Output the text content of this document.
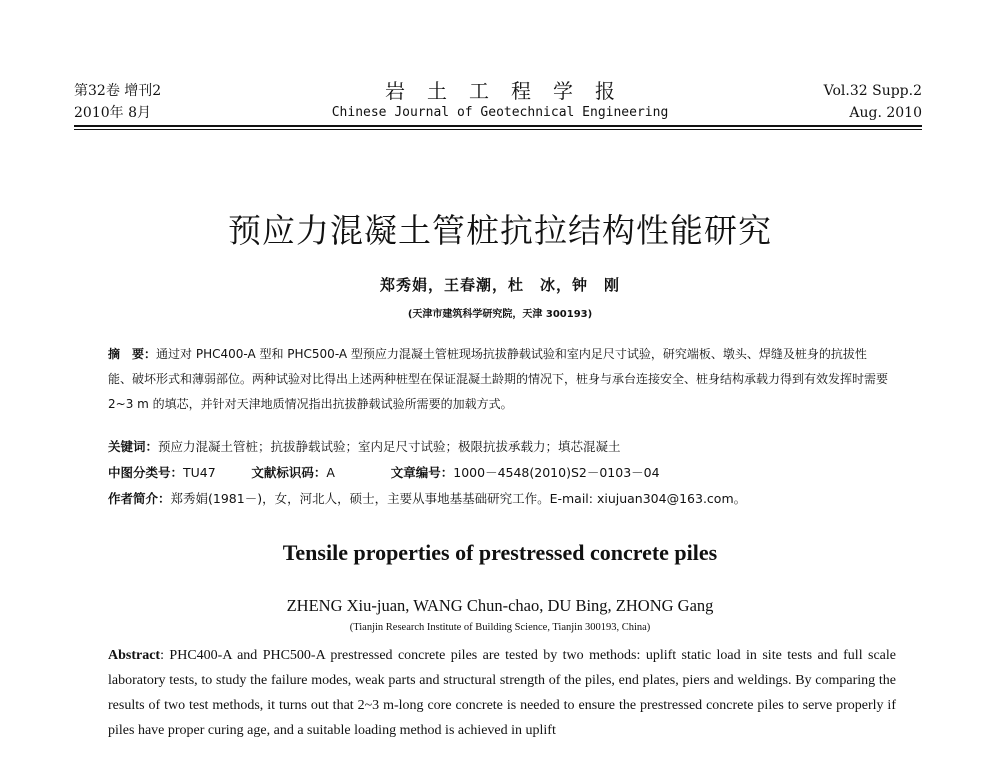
第32卷 增刊2
2010年 8月
岩土工程学报
Chinese Journal of Geotechnical Engineering
Vol.32 Supp.2
Aug. 2010
预应力混凝土管桩抗拉结构性能研究
郑秀娟，王春潮，杜　冰，钟　刚
(天津市建筑科学研究院，天津 300193)

摘　要：通过对 PHC400-A 型和 PHC500-A 型预应力混凝土管桩现场抗拔静载试验和室内足尺寸试验，研究端板、墩头、焊缝及桩身的抗拔性能、破坏形式和薄弱部位。两种试验对比得出上述两种桩型在保证混凝土龄期的情况下，桩身与承台连接安全、桩身结构承载力得到有效发挥时需要 2~3 m 的填芯，并针对天津地质情况指出抗拔静载试验所需要的加载方式。

关键词：预应力混凝土管桩；抗拔静载试验；室内足尺寸试验；极限抗拔承载力；填芯混凝土
中图分类号：TU47	文献标识码：A	文章编号：1000－4548(2010)S2－0103－04
作者简介：郑秀娟(1981－)，女，河北人，硕士，主要从事地基基础研究工作。E-mail: xiujuan304@163.com。
Tensile properties of prestressed concrete piles
ZHENG Xiu-juan, WANG Chun-chao, DU Bing, ZHONG Gang
(Tianjin Research Institute of Building Science, Tianjin 300193, China)

Abstract: PHC400-A and PHC500-A prestressed concrete piles are tested by two methods: uplift static load in site tests and full scale laboratory tests, to study the failure modes, weak parts and structural strength of the piles, end plates, piers and weldings. By comparing the results of two test methods, it turns out that 2~3 m-long core concrete is needed to ensure the prestressed concrete piles to serve properly if piles have proper curing age, and a suitable loading method is achieved in uplift
